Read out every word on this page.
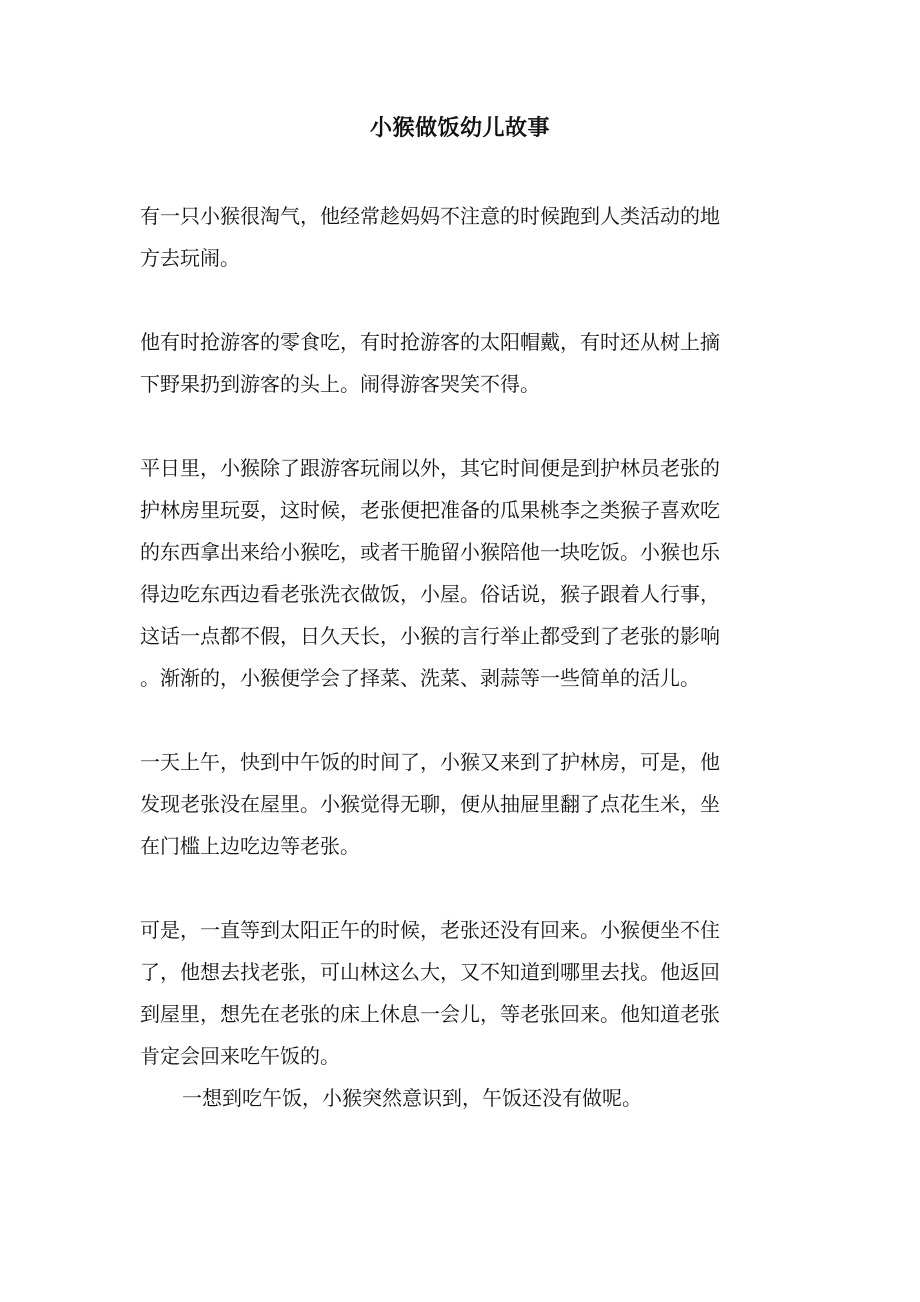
小猴做饭幼儿故事
有一只小猴很淘气，他经常趁妈妈不注意的时候跑到人类活动的地
方去玩闹。
他有时抢游客的零食吃，有时抢游客的太阳帽戴，有时还从树上摘
下野果扔到游客的头上。闹得游客哭笑不得。
平日里，小猴除了跟游客玩闹以外，其它时间便是到护林员老张的
护林房里玩耍，这时候，老张便把准备的瓜果桃李之类猴子喜欢吃
的东西拿出来给小猴吃，或者干脆留小猴陪他一块吃饭。小猴也乐
得边吃东西边看老张洗衣做饭，小屋。俗话说，猴子跟着人行事，
这话一点都不假，日久天长，小猴的言行举止都受到了老张的影响
。渐渐的，小猴便学会了择菜、洗菜、剥蒜等一些简单的活儿。
一天上午，快到中午饭的时间了，小猴又来到了护林房，可是，他
发现老张没在屋里。小猴觉得无聊，便从抽屉里翻了点花生米，坐
在门槛上边吃边等老张。
可是，一直等到太阳正午的时候，老张还没有回来。小猴便坐不住
了，他想去找老张，可山林这么大，又不知道到哪里去找。他返回
到屋里，想先在老张的床上休息一会儿，等老张回来。他知道老张
肯定会回来吃午饭的。
一想到吃午饭，小猴突然意识到，午饭还没有做呢。
